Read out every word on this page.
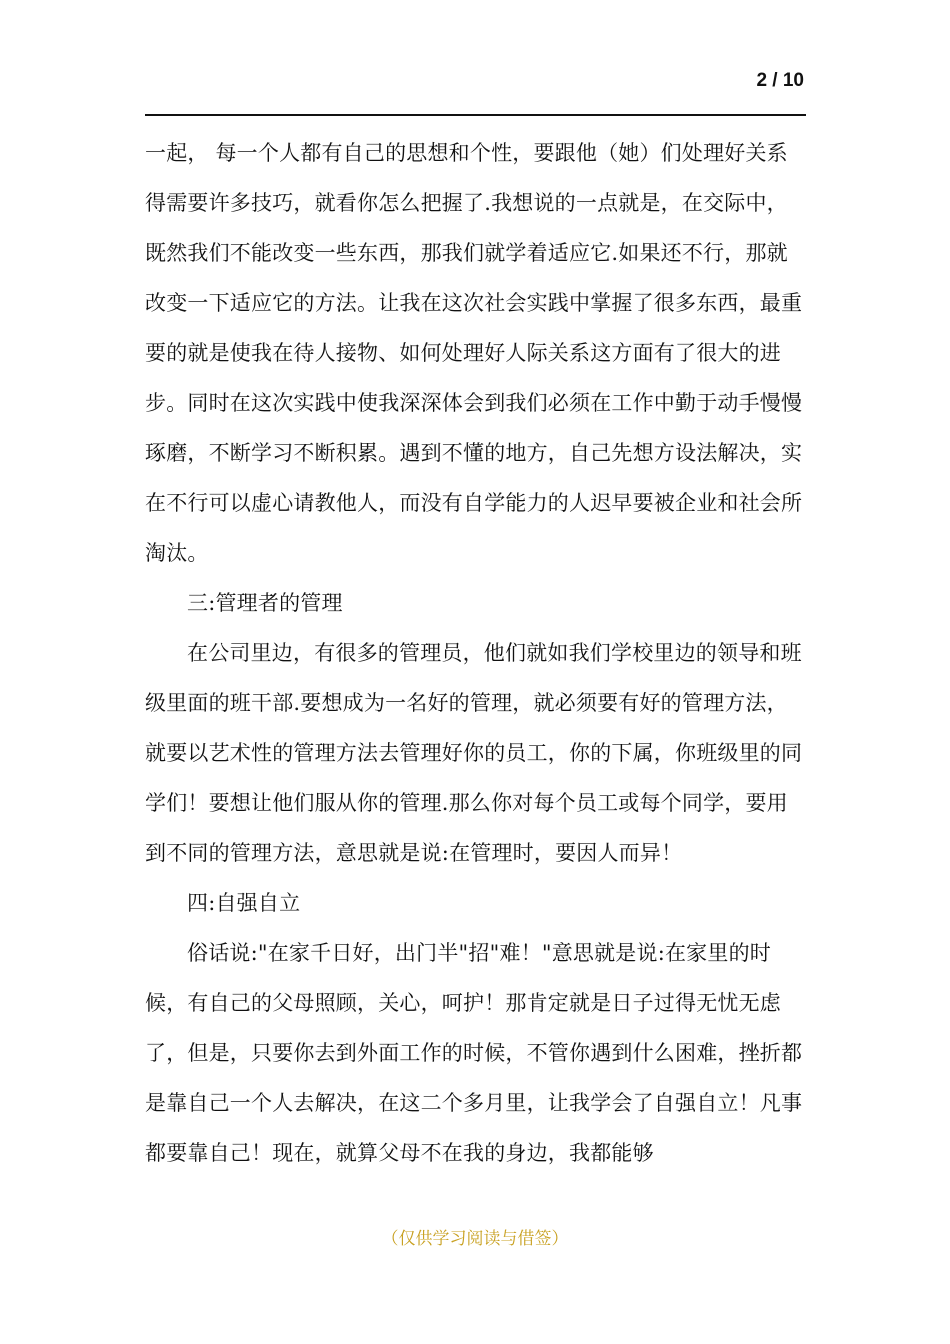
2 / 10

一起， 每一个人都有自己的思想和个性，要跟他（她）们处理好关系得需要许多技巧，就看你怎么把握了.我想说的一点就是，在交际中，既然我们不能改变一些东西，那我们就学着适应它.如果还不行，那就改变一下适应它的方法。让我在这次社会实践中掌握了很多东西，最重要的就是使我在待人接物、如何处理好人际关系这方面有了很大的进步。同时在这次实践中使我深深体会到我们必须在工作中勤于动手慢慢琢磨，不断学习不断积累。遇到不懂的地方，自己先想方设法解决，实在不行可以虚心请教他人，而没有自学能力的人迟早要被企业和社会所淘汰。

三:管理者的管理

在公司里边，有很多的管理员，他们就如我们学校里边的领导和班级里面的班干部.要想成为一名好的管理，就必须要有好的管理方法，就要以艺术性的管理方法去管理好你的员工，你的下属，你班级里的同学们！要想让他们服从你的管理.那么你对每个员工或每个同学，要用到不同的管理方法，意思就是说:在管理时，要因人而异！

四:自强自立

俗话说:"在家千日好，出门半"招"难！"意思就是说:在家里的时候，有自己的父母照顾，关心，呵护！那肯定就是日子过得无忧无虑了，但是，只要你去到外面工作的时候，不管你遇到什么困难，挫折都是靠自己一个人去解决，在这二个多月里，让我学会了自强自立！凡事都要靠自己！现在，就算父母不在我的身边，我都能够

（仅供学习阅读与借签）
